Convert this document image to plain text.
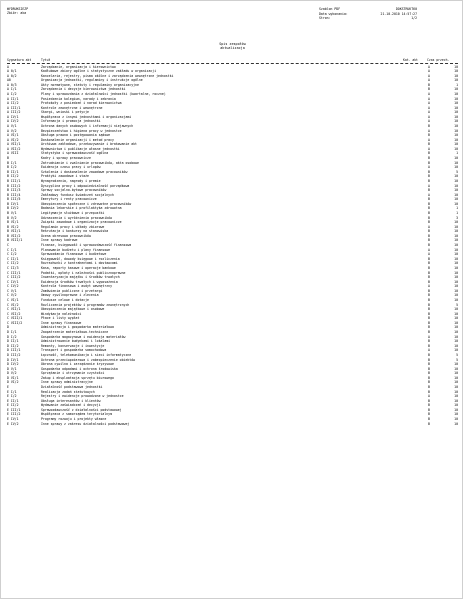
WYDRUKSIEZP
Zbiór: aka
Szablon PDF	DOKSTRUKT60
Data wykonania:	21.10.2010 14:57:27
Stron:	1/2
Spis zespołów
aktualizacja
Sygnatura akt	Tytuł	Kat. akt	Czas przech.
A	Zarządzanie, organizacja i kierownictwo	A	10
A 0/1	Kadłubowe zbiory ogólne i statystyczne zakładu w organizacji	A	10
A 0/2	Kancelaria, rejestry, pisma okólne i zarządzenia wewnętrzne jednostki	A	10
A0	Organizacja jednostki, regulaminy i instrukcje ogólne	A	10
A 0/3	Akty normatywne, statuty i regulaminy organizacyjne	B	1
A I/1	Zarządzenia i decyzje kierownictwa jednostki	B	10
A I/2	Plany i sprawozdania z działalności jednostki (kwartalne, roczne)	A	10
A II/1	Posiedzenia kolegium, narady i zebrania	A	10
A II/2	Protokoły z posiedzeń i narad kierownictwa	A	10
A III/1	Kontrole zewnętrzne i wewnętrzne	A	10
A III/2	Skargi, wnioski i petycje	A	10
A IV/1	Współpraca z innymi jednostkami i organizacjami	A	10
A IV/2	Informacja i promocja jednostki	A	10
A V/1	Ochrona danych osobowych i informacji niejawnych	B	10
A V/2	Bezpieczeństwo i higiena pracy w jednostce	A	10
A VI/1	Obsługa prawna i postępowania sądowe	B	10
A VI/2	Doskonalenie organizacji i metod pracy	A	10
A VII/1	Archiwum zakładowe, przekazywanie i brakowanie akt	B	10
A VII/2	Wydawnictwa i publikacje własne jednostki	A	10
A VIII	Statystyka i sprawozdawczość ogólna	B	1
B	Kadry i sprawy pracownicze	B	10
B I/1	Zatrudnianie i zwalnianie pracowników, akta osobowe	B	10
B I/2	Ewidencja czasu pracy i urlopów	A	10
B II/1	Szkolenia i doskonalenie zawodowe pracowników	B	5
B II/2	Praktyki zawodowe i staże	B	10
B III/1	Wynagrodzenia, nagrody i premie	B	10
B III/2	Dyscyplina pracy i odpowiedzialność porządkowa	A	10
B III/3	Sprawy socjalno-bytowe pracowników	B	10
B III/4	Zakładowy fundusz świadczeń socjalnych	A	10
B III/5	Emerytury i renty pracownicze	B	10
B IV/1	Ubezpieczenia społeczne i zdrowotne pracowników	B	10
B IV/2	Badania lekarskie i profilaktyka zdrowotna	B	1
B V/1	Legitymacje służbowe i przepustki	B	1
B V/2	Odznaczenia i wyróżnienia pracowników	B	3
B VI/1	Związki zawodowe i organizacje pracownicze	B	10
B VI/2	Regulamin pracy i układy zbiorowe	A	10
B VII/1	Rekrutacja i konkursy na stanowiska	B	10
B VII/2	Ocena okresowa pracowników	B	10
B VIII/1	Inne sprawy kadrowe	B	10
C	Finanse, księgowość i sprawozdawczość finansowa	B	10
C I/1	Planowanie budżetu i plany finansowe	A	10
C I/2	Sprawozdania finansowe i budżetowe	A	10
C II/1	Księgowość, dowody księgowe i rozliczenia	B	10
C II/2	Rozrachunki z kontrahentami i dostawcami	B	10
C II/3	Kasa, raporty kasowe i operacje bankowe	B	10
C III/1	Podatki, opłaty i należności publicznoprawne	B	10
C III/2	Inwentaryzacja majątku i środków trwałych	B	10
C IV/1	Ewidencja środków trwałych i wyposażenia	B	10
C IV/2	Kontrola finansowa i audyt wewnętrzny	A	10
C V/1	Zamówienia publiczne i przetargi	B	10
C V/2	Umowy cywilnoprawne i zlecenia	B	10
C VI/1	Fundusze celowe i dotacje	B	10
C VI/2	Rozliczenia projektów i programów zewnętrznych	B	5
C VII/1	Ubezpieczenia majątkowe i osobowe	B	10
C VII/2	Windykacja należności	B	10
C VIII/1	Płace i listy wypłat	B	10
C VIII/2	Inne sprawy finansowe	B	10
D	Administracja i gospodarka materiałowa	B	10
D I/1	Zaopatrzenie materiałowo-techniczne	B	10
D I/2	Gospodarka magazynowa i ewidencja materiałów	A	10
D II/1	Administrowanie budynkami i lokalami	B	10
D II/2	Remonty, konserwacje i inwestycje	B	10
D III/1	Transport i gospodarka samochodowa	A	10
D III/2	Łączność, telekomunikacja i sieci informatyczne	B	5
D IV/1	Ochrona przeciwpożarowa i zabezpieczenie obiektów	B	5
D IV/2	Obrona cywilna i zarządzanie kryzysowe	B	10
D V/1	Gospodarka odpadami i ochrona środowiska	B	10
D V/2	Sprzątanie i utrzymanie czystości	B	10
D VI/1	Zakup i eksploatacja sprzętu biurowego	B	10
D VI/2	Inne sprawy administracyjne	B	10
E	Działalność podstawowa jednostki	B	10
E I/1	Realizacja zadań statutowych	B	10
E I/2	Rejestry i ewidencje prowadzone w jednostce	A	10
E II/1	Obsługa interesantów i klientów	B	10
E II/2	Wydawanie zaświadczeń i decyzji	B	10
E III/1	Sprawozdawczość z działalności podstawowej	B	10
E III/2	Współpraca z samorządem terytorialnym	B	10
E IV/1	Programy rozwoju i projekty własne	B	10
E IV/2	Inne sprawy z zakresu działalności podstawowej	B	10
